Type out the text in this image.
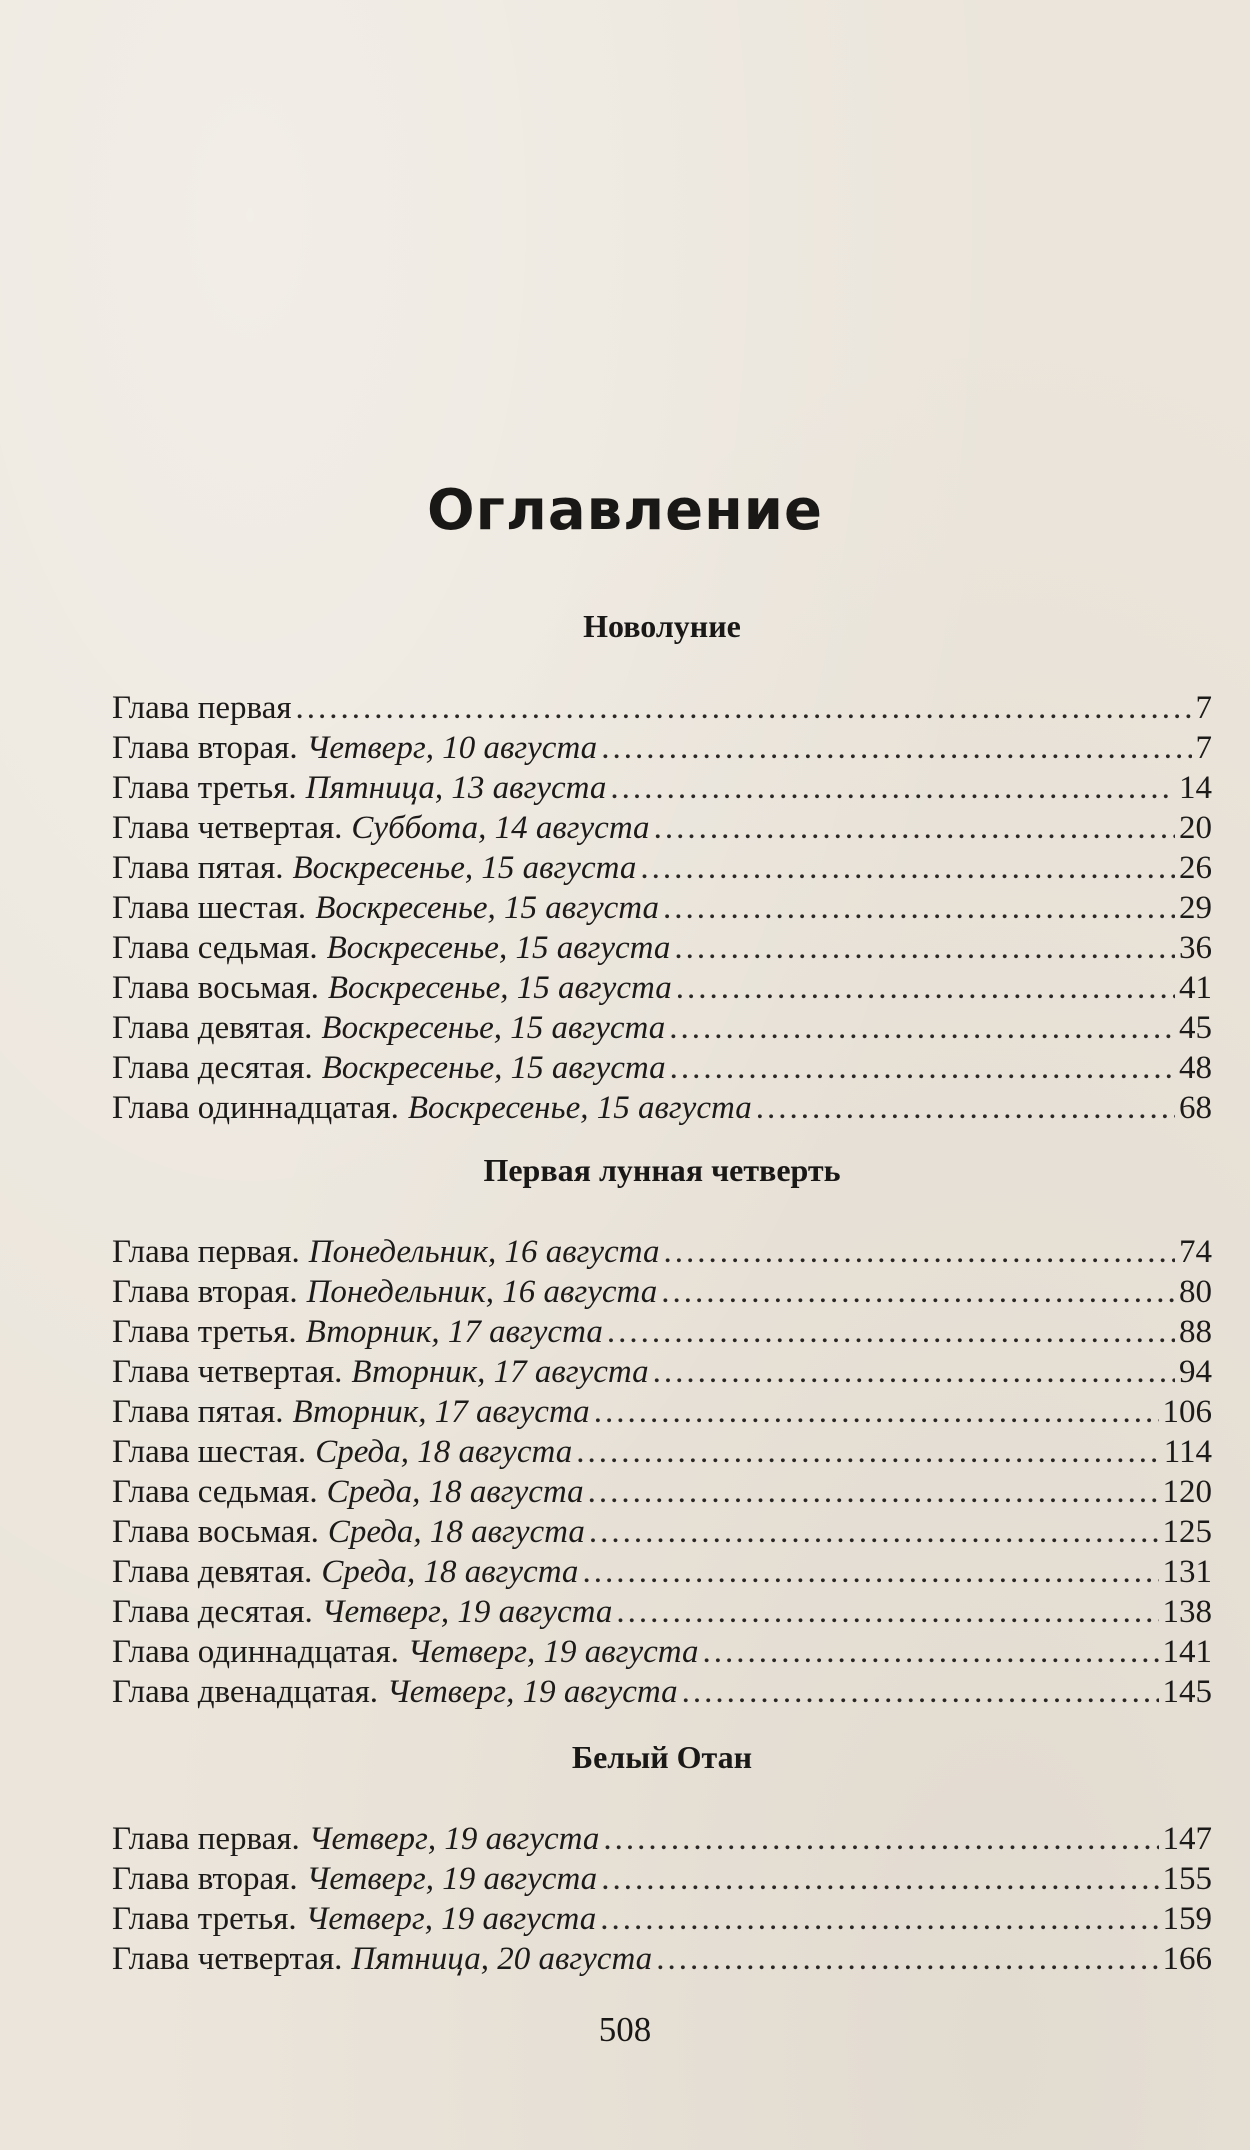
Оглавление
Новолуние
Глава первая .....	7
Глава вторая. Четверг, 10 августа .....	7
Глава третья. Пятница, 13 августа .....	14
Глава четвертая. Суббота, 14 августа .....	20
Глава пятая. Воскресенье, 15 августа .....	26
Глава шестая. Воскресенье, 15 августа .....	29
Глава седьмая. Воскресенье, 15 августа .....	36
Глава восьмая. Воскресенье, 15 августа .....	41
Глава девятая. Воскресенье, 15 августа .....	45
Глава десятая. Воскресенье, 15 августа .....	48
Глава одиннадцатая. Воскресенье, 15 августа .....	68
Первая лунная четверть
Глава первая. Понедельник, 16 августа .....	74
Глава вторая. Понедельник, 16 августа .....	80
Глава третья. Вторник, 17 августа .....	88
Глава четвертая. Вторник, 17 августа .....	94
Глава пятая. Вторник, 17 августа .....	106
Глава шестая. Среда, 18 августа .....	114
Глава седьмая. Среда, 18 августа .....	120
Глава восьмая. Среда, 18 августа .....	125
Глава девятая. Среда, 18 августа .....	131
Глава десятая. Четверг, 19 августа .....	138
Глава одиннадцатая. Четверг, 19 августа .....	141
Глава двенадцатая. Четверг, 19 августа .....	145
Белый Отан
Глава первая. Четверг, 19 августа .....	147
Глава вторая. Четверг, 19 августа .....	155
Глава третья. Четверг, 19 августа .....	159
Глава четвертая. Пятница, 20 августа .....	166
508
